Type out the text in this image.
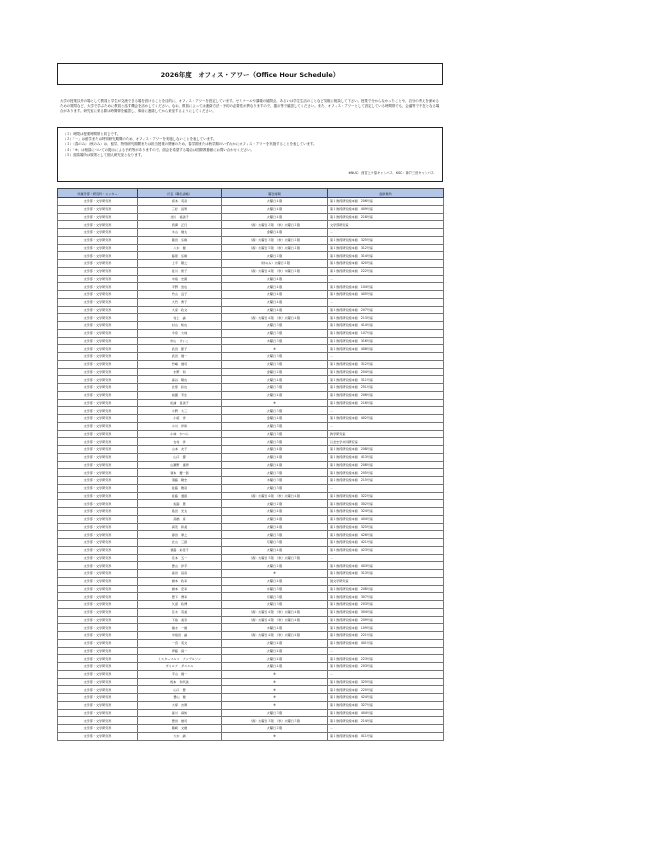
2026年度　オフィス・アワー（Office Hour Schedule）
大学の授業以外の場として教員と学生が交流できる場を設けることを目的に、オフィス・アワーを設定しています。ゼミナールや講義の疑問点、あるいは学生生活のことなど気軽に相談して下さい。授業で分からなかったことや、自分の考えを深めるための質問など、大学で学ぶために教員と話す機会を活かしてください。なお、教員によっては連絡方法・予約の必要性が異なりますので、掲示等で確認してください。また、オフィス・アワーとして設定している時間帯でも、会議等で不在となる場合があります。研究室に来る際は時間帯を確認し、事前に連絡してから来室するようにしてください。
（１）時限は授業時間帯と同じです。
（２）「－」は留学または特別研究期間のため、オフィス・アワーを実施しないことを表しています。
（３）（春のみ）（秋のみ）は、留学、特別研究期間または担当授業の関係のため、春学期または秋学期のいずれかにオフィス・アワーを実施することを表しています。
（４）「※」は相談についての掲示による予約等がありますので、面会を希望する場合は国際教養館にお問い合わせください。
（５）面談場所は原則として個人研究室となります。
※NUC：西宮上ケ原キャンパス　KSC：神戸三田キャンパス
所属学部・研究科・センター	氏名（職名省略）	曜日時間	面談場所
文学部・文学研究科	坂本　英彦	火曜日４限	第１教授研究館本館　206号室
文学部・文学研究科	三好　昌男	火曜日４限	第１教授研究館本館　409号室
文学部・文学研究科	北川　裕美子	火曜日４限	第１教授研究館本館　218号室
文学部・文学研究科	西澤　正行	（春）火曜日２限　（秋）火曜日２限	文学部研究室
文学部・文学研究科	木山　健太	金曜日４限	－
文学部・文学研究科	篠田　弘樹	（春）火曜日３限　（秋）火曜日２限	第１教授研究館本館　325号室
文学部・文学研究科	八木　健	（春）火曜日５限　（秋）火曜日２限	第１教授研究館本館　312号室
文学部・文学研究科	藤原　弘樹	火曜日２限	第１教授研究館本館　314号室
文学部・文学研究科	上平　陽之	（秋のみ）火曜日２限	第１教授研究館本館　420号室
文学部・文学研究科	佐川　智子	（春）火曜日４限　（秋）木曜日２限	第１教授研究館本館　222号室
文学部・文学研究科	中島　史朗	火曜日４限	－
文学部・文学研究科	平野　浩也	火曜日４限	第１教授研究館本館　104号室
文学部・文学研究科	竹山　良子	火曜日４限	第１教授研究館本館　405号室
文学部・文学研究科	大竹　勇子	火曜日４限	－
文学部・文学研究科	大家　政文	火曜日４限	第１教授研究館本館　207号室
文学部・文学研究科	村上　諭	（春）火曜日４限　（秋）火曜日４限	第１教授研究館本館　213号室
文学部・文学研究科	村山　知也	火曜日３限	第１教授研究館本館　414号室
文学部・文学研究科	今泉　大地	火曜日３限	第１教授研究館本館　107号室
文学部・文学研究科	市山　けいこ	木曜日３限	第１教授研究館本館　316号室
文学部・文学研究科	武田　節子	※	第１教授研究館本館　408号室
文学部・文学研究科	武田　健一	火曜日３限	－
文学部・文学研究科	竹嶋　健司	火曜日３限	第１教授研究館本館　312号室
文学部・文学研究科	水野　和	金曜日２限	第１教授研究館本館　204号室
文学部・文学研究科	森谷　陽也	火曜日４限	第１教授研究館本館　311号室
文学部・文学研究科	北原　鈴也	火曜日３限	第１教授研究館本館　251号室
文学部・文学研究科	前園　芳生	火曜日４限	第１教授研究館本館　206号室
文学部・文学研究科	松浦　直美子	※	第１教授研究館本館　216号室
文学部・文学研究科	小野　大三	火曜日３限	－
文学部・文学研究科	小坂　洋	金曜日４限	第１教授研究館本館　402号室
文学部・文学研究科	小川　洋和	火曜日５限	－
文学部・文学研究科	小林　かつら	火曜日３限	教学研究室
文学部・文学研究科	吉村　洋	火曜日５限	以北史学共同研究室
文学部・文学研究科	山本　友子	火曜日４限	第１教授研究館本館　208号室
文学部・文学研究科	山口　優	火曜日４限	第１教授研究館本館　413号室
文学部・文学研究科	山瀬野　康男	火曜日４限	第１教授研究館本館　208号室
文学部・文学研究科	須本　慶一郎	火曜日３限	第１教授研究館本館　205号室
文学部・文学研究科	須藤　隆史	木曜日３限	第１教授研究館本館　215号室
文学部・文学研究科	佐藤　雅彦	火曜日５限	－
文学部・文学研究科	佐藤　道郎	（春）火曜日４限　（秋）火曜日４限	第１教授研究館本館　322号室
文学部・文学研究科	佐藤　寛	火曜日２限	第１教授研究館本館　302号室
文学部・文学研究科	島田　光太	火曜日４限	第１教授研究館本館　324号室
文学部・文学研究科	高橋　彦	火曜日４限	第１教授研究館本館　404号室
文学部・文学研究科	真茂　和美	火曜日４限	第１教授研究館本館　325号室
文学部・文学研究科	春田　厚之	火曜日３限	第１教授研究館本館　426号室
文学部・文学研究科	北山　三郎	月曜日３限	第１教授研究館本館　421号室
文学部・文学研究科	須藤　彩佳子	火曜日４限	第１教授研究館本館　423号室
文学部・文学研究科	花本　五一	（春）火曜日３限　（秋）火曜日３限	－
文学部・文学研究科	豊山　洋平	火曜日２限	第１教授研究館本館　403号室
文学部・文学研究科	森田　昌彦	※	第１教授研究館本館　313号室
文学部・文学研究科	橋本　政幸	火曜日４限	国文学研究室
文学部・文学研究科	橋本　宏幸	水曜日５限	第１教授研究館本館　208号室
文学部・文学研究科	豊下　博幸	月曜日３限	第１教授研究館本館　307号室
文学部・文学研究科	久留　政博	火曜日３限	第１教授研究館本館　203号室
文学部・文学研究科	花木　英美	（春）火曜日４限　（秋）火曜日４限	第１教授研究館本館　304号室
文学部・文学研究科	下島　美奈	（春）火曜日４限　（秋）火曜日４限	第１教授研究館本館　209号室
文学部・文学研究科	楠木　一雄	木曜日４限	第１教授研究館本館　109号室
文学部・文学研究科	中島田　諭	（春）火曜日４限　（秋）火曜日４限	第１教授研究館本館　221号室
文学部・文学研究科	一宮　英文	火曜日４限	第１教授研究館本館　401号室
文学部・文学研究科	伊藤　真一	火曜日４限	－
文学部・文学研究科	ミスターマルコ　アンデルソン	火曜日４限	第１教授研究館本館　223号室
文学部・文学研究科	ガリルア　ダニエル	火曜日４限	第１教授研究館本館　203号室
文学部・文学研究科	平山　健一	※	－
文学部・文学研究科	熊本　和代美	※	第１教授研究館本館　325号室
文学部・文学研究科	山口　豊	※	第１教授研究館本館　220号室
文学部・文学研究科	豊山　健	※	第１教授研究館本館　424号室
文学部・文学研究科	大塚　吉貴	※	第１教授研究館本館　327号室
文学部・文学研究科	森川　真知	火曜日３限	第１教授研究館本館　404号室
文学部・文学研究科	豊田　雄司	（春）火曜日３限　（秋）火曜日３限	第１教授研究館本館　214号室
文学部・文学研究科	篠崎　文雄	火曜日２限	－
文学部・文学研究科	大木　誠	※	第１教授研究館本館　411号室
